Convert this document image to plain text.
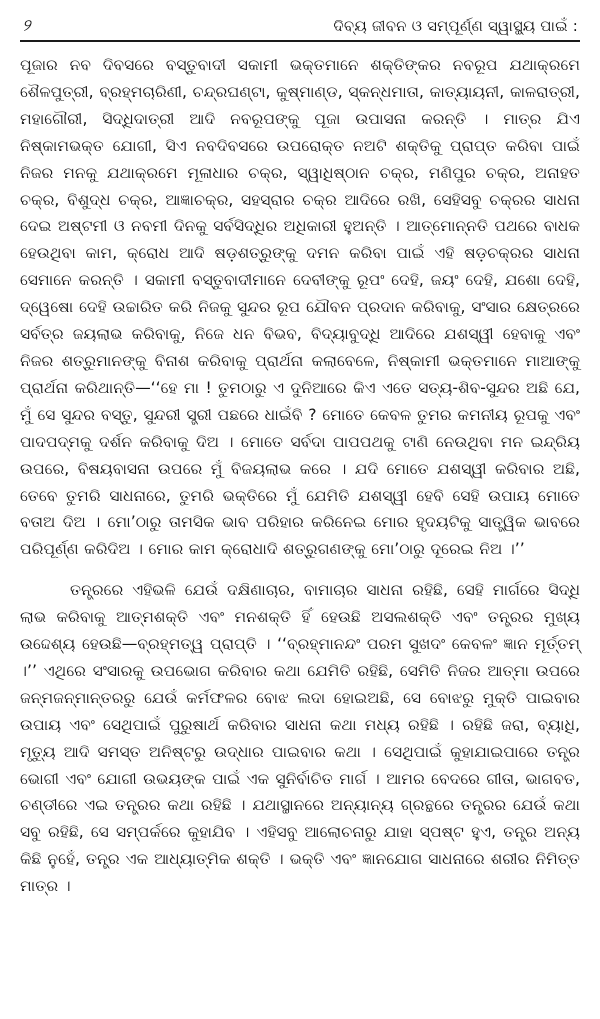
୨	ଦିବ୍ୟ ଜୀବନ ଓ ସମ୍ପୂର୍ଣ୍ଣ ସ୍ୱାସ୍ଥ୍ୟ ପାଇଁ :

ପୂଜାର ନବ ଦିବସରେ ବସ୍ତୁବାଦୀ ସକାମୀ ଭକ୍ତମାନେ ଶକ୍ତିଙ୍କର ନବରୂପ ଯଥାକ୍ରମେ ଶୈଳପୁତ୍ରୀ, ବ୍ରହ୍ମଚାରିଣୀ, ଚନ୍ଦ୍ରଘଣ୍ଟା, କୁଷ୍ମାଣ୍ଡ, ସ୍କନ୍ଧମାତା, କାତ୍ୟାୟନୀ, କାଳରାତ୍ରୀ, ମହାଗୌରୀ, ସିଦ୍ଧିଦାତ୍ରୀ ଆଦି ନବରୂପଙ୍କୁ ପୂଜା ଉପାସନା କରନ୍ତି । ମାତ୍ର ଯିଏ ନିଷ୍କାମଭକ୍ତ ଯୋଗୀ, ସିଏ ନବଦିବସରେ ଉପରୋକ୍ତ ନଅଟି ଶକ୍ତିକୁ ପ୍ରାପ୍ତ କରିବା ପାଇଁ ନିଜର ମନକୁ ଯଥାକ୍ରମେ ମୂଳାଧାର ଚକ୍ର, ସ୍ୱାଧିଷ୍ଠାନ ଚକ୍ର, ମଣିପୁର ଚକ୍ର, ଅନାହତ ଚକ୍ର, ବିଶୁଦ୍ଧ ଚକ୍ର, ଆଜ୍ଞାଚକ୍ର, ସହସ୍ରାର ଚକ୍ର ଆଦିରେ ରଖି, ସେହିସବୁ ଚକ୍ରର ସାଧନା ଦେଇ ଅଷ୍ଟମୀ ଓ ନବମୀ ଦିନକୁ ସର୍ବସିଦ୍ଧିର ଅଧିକାରୀ ହୁଅନ୍ତି । ଆତ୍ମୋନ୍ନତି ପଥରେ ବାଧକ ହେଉଥିବା କାମ, କ୍ରୋଧ ଆଦି ଷଡ଼ଶତ୍ରୁଙ୍କୁ ଦମନ କରିବା ପାଇଁ ଏହି ଷଡ଼ଚକ୍ରର ସାଧନା ସେମାନେ କରନ୍ତି । ସକାମୀ ବସ୍ତୁବାଦୀମାନେ ଦେବୀଙ୍କୁ ରୂପଂ ଦେହି, ଜୟଂ ଦେହି, ଯଶୋ ଦେହି, ଦ୍ୱେଷୋ ଦେହି ଉଚ୍ଚାରିତ କରି ନିଜକୁ ସୁନ୍ଦର ରୂପ ଯୌବନ ପ୍ରଦାନ କରିବାକୁ, ସଂସାର କ୍ଷେତ୍ରରେ ସର୍ବତ୍ର ଜୟଲାଭ କରିବାକୁ, ନିଜେ ଧନ ବିଭବ, ବିଦ୍ୟାବୁଦ୍ଧି ଆଦିରେ ଯଶସ୍ୱୀ ହେବାକୁ ଏବଂ ନିଜର ଶତ୍ରୁମାନଙ୍କୁ ବିନାଶ କରିବାକୁ ପ୍ରାର୍ଥନା କଲାବେଳେ, ନିଷ୍କାମୀ ଭକ୍ତମାନେ ମାଆଙ୍କୁ ପ୍ରାର୍ଥନା କରିଥାନ୍ତି—‘‘ହେ ମା ! ତୁମଠାରୁ ଏ ଦୁନିଆରେ କିଏ ଏତେ ସତ୍ୟ-ଶିବ-ସୁନ୍ଦର ଅଛି ଯେ, ମୁଁ ସେ ସୁନ୍ଦର ବସ୍ତୁ, ସୁନ୍ଦରୀ ସ୍ତ୍ରୀ ପଛରେ ଧାଇଁବି ? ମୋତେ କେବଳ ତୁମର କମନୀୟ ରୂପକୁ ଏବଂ ପାଦପଦ୍ମକୁ ଦର୍ଶନ କରିବାକୁ ଦିଅ । ମୋତେ ସର୍ବଦା ପାପପଥକୁ ଟାଣି ନେଉଥିବା ମନ ଇନ୍ଦ୍ରିୟ ଉପରେ, ବିଷୟବାସନା ଉପରେ ମୁଁ ବିଜୟଲାଭ କରେ । ଯଦି ମୋତେ ଯଶସ୍ୱୀ କରିବାର ଅଛି, ତେବେ ତୁମରି ସାଧନାରେ, ତୁମରି ଭକ୍ତିରେ ମୁଁ ଯେମିତି ଯଶସ୍ୱୀ ହେବି ସେହି ଉପାୟ ମୋତେ ବତାଅ ଦିଅ । ମୋ’ଠାରୁ ତାମସିକ ଭାବ ପରିହାର କରିନେଇ ମୋର ହୃଦୟଟିକୁ ସାତ୍ତ୍ୱିକ ଭାବରେ ପରିପୂର୍ଣ୍ଣ କରିଦିଅ । ମୋର କାମ କ୍ରୋଧାଦି ଶତ୍ରୁଗଣଙ୍କୁ ମୋ’ଠାରୁ ଦୂରେଇ ନିଅ ।’’

ତନ୍ତ୍ରରେ ଏହିଭଳି ଯେଉଁ ଦକ୍ଷିଣାଚାର, ବାମାଚାର ସାଧନା ରହିଛି, ସେହି ମାର୍ଗରେ ସିଦ୍ଧି ଲାଭ କରିବାକୁ ଆତ୍ମଶକ୍ତି ଏବଂ ମନଶକ୍ତି ହିଁ ହେଉଛି ଅସଲଶକ୍ତି ଏବଂ ତନ୍ତ୍ରର ମୁଖ୍ୟ ଉଦ୍ଦେଶ୍ୟ ହେଉଛି—ବ୍ରହ୍ମତ୍ୱ ପ୍ରାପ୍ତି । ‘‘ବ୍ରହ୍ମାନନ୍ଦଂ ପରମ ସୁଖଦଂ କେବଳଂ ଜ୍ଞାନ ମୂର୍ତ୍ତମ୍ ।’’ ଏଥିରେ ସଂସାରକୁ ଉପଭୋଗ କରିବାର କଥା ଯେମିତି ରହିଛି, ସେମିତି ନିଜର ଆତ୍ମା ଉପରେ ଜନ୍ମଜନ୍ମାନ୍ତରରୁ ଯେଉଁ କର୍ମଫଳର ବୋଝ ଲଦା ହୋଇଅଛି, ସେ ବୋଝରୁ ମୁକ୍ତି ପାଇବାର ଉପାୟ ଏବଂ ସେଥିପାଇଁ ପୁରୁଷାର୍ଥ କରିବାର ସାଧନା କଥା ମଧ୍ୟ ରହିଛି । ରହିଛି ଜରା, ବ୍ୟାଧି, ମୃତ୍ୟୁ ଆଦି ସମସ୍ତ ଅନିଷ୍ଟରୁ ଉଦ୍ଧାର ପାଇବାର କଥା । ସେଥିପାଇଁ କୁହାଯାଇପାରେ ତନ୍ତ୍ର ଭୋଗୀ ଏବଂ ଯୋଗୀ ଉଭୟଙ୍କ ପାଇଁ ଏକ ସୁନିର୍ବାଚିତ ମାର୍ଗ । ଆମର ବେଦରେ ଗୀତା, ଭାଗବତ, ଚଣ୍ଡୀରେ ଏଇ ତନ୍ତ୍ରର କଥା ରହିଛି । ଯଥାସ୍ଥାନରେ ଅନ୍ୟାନ୍ୟ ଗ୍ରନ୍ଥରେ ତନ୍ତ୍ରର ଯେଉଁ କଥା ସବୁ ରହିଛି, ସେ ସମ୍ପର୍କରେ କୁହାଯିବ । ଏହିସବୁ ଆଲୋଚନାରୁ ଯାହା ସ୍ପଷ୍ଟ ହୁଏ, ତନ୍ତ୍ର ଅନ୍ୟ କିଛି ନୁହେଁ, ତନ୍ତ୍ର ଏକ ଆଧ୍ୟାତ୍ମିକ ଶକ୍ତି । ଭକ୍ତି ଏବଂ ଜ୍ଞାନଯୋଗ ସାଧନାରେ ଶରୀର ନିମିତ୍ତ ମାତ୍ର ।
